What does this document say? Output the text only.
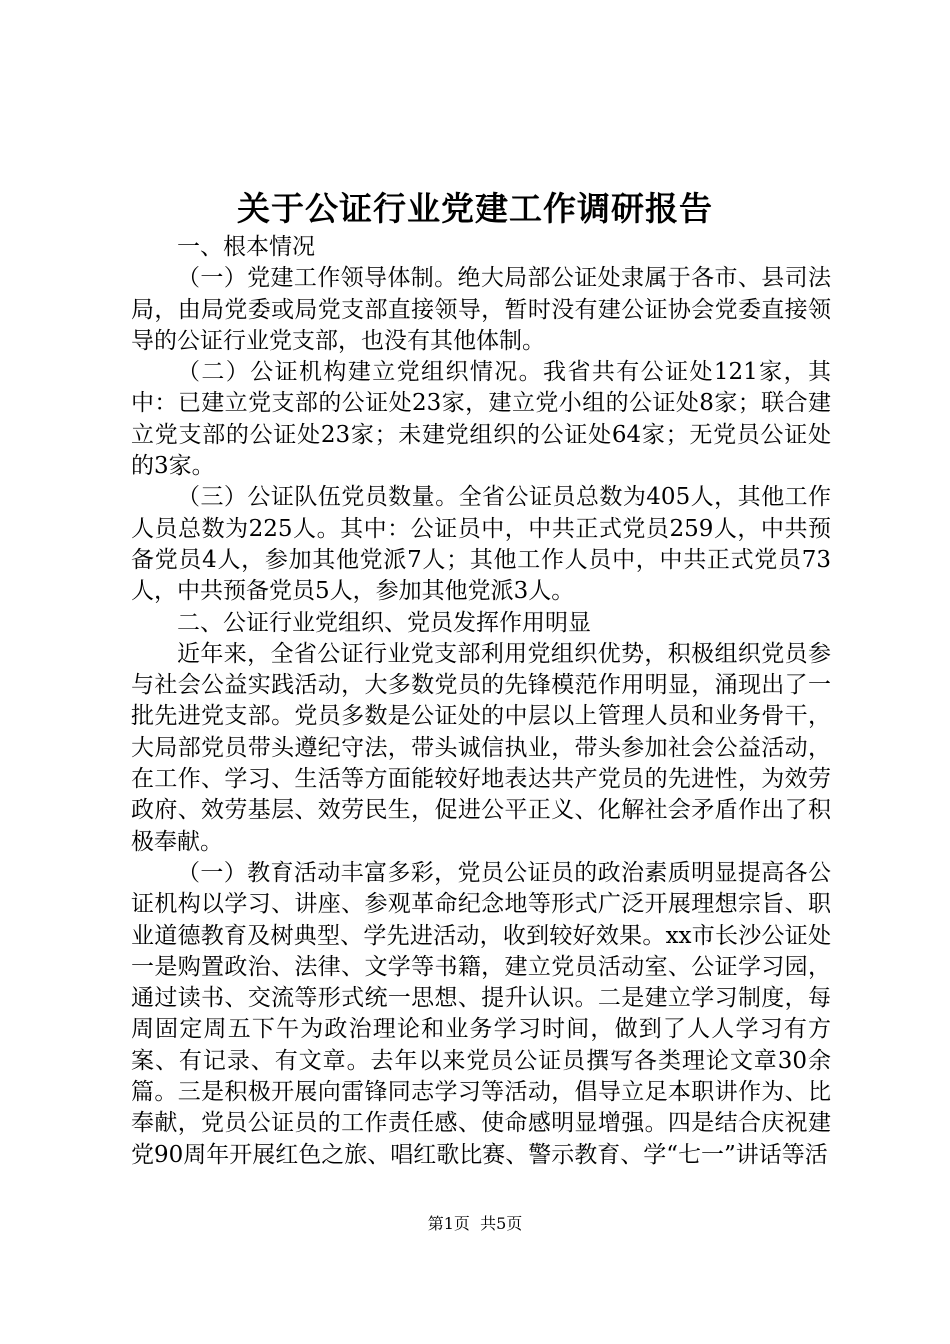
关于公证行业党建工作调研报告

一、根本情况

（一）党建工作领导体制。绝大局部公证处隶属于各市、县司法局，由局党委或局党支部直接领导，暂时没有建公证协会党委直接领导的公证行业党支部，也没有其他体制。

（二）公证机构建立党组织情况。我省共有公证处121家，其中：已建立党支部的公证处23家，建立党小组的公证处8家；联合建立党支部的公证处23家；未建党组织的公证处64家；无党员公证处的3家。

（三）公证队伍党员数量。全省公证员总数为405人，其他工作人员总数为225人。其中：公证员中，中共正式党员259人，中共预备党员4人，参加其他党派7人；其他工作人员中，中共正式党员73人，中共预备党员5人，参加其他党派3人。

二、公证行业党组织、党员发挥作用明显

近年来，全省公证行业党支部利用党组织优势，积极组织党员参与社会公益实践活动，大多数党员的先锋模范作用明显，涌现出了一批先进党支部。党员多数是公证处的中层以上管理人员和业务骨干，大局部党员带头遵纪守法，带头诚信执业，带头参加社会公益活动，在工作、学习、生活等方面能较好地表达共产党员的先进性，为效劳政府、效劳基层、效劳民生，促进公平正义、化解社会矛盾作出了积极奉献。

（一）教育活动丰富多彩，党员公证员的政治素质明显提高各公证机构以学习、讲座、参观革命纪念地等形式广泛开展理想宗旨、职业道德教育及树典型、学先进活动，收到较好效果。xx市长沙公证处一是购置政治、法律、文学等书籍，建立党员活动室、公证学习园，通过读书、交流等形式统一思想、提升认识。二是建立学习制度，每周固定周五下午为政治理论和业务学习时间，做到了人人学习有方案、有记录、有文章。去年以来党员公证员撰写各类理论文章30余篇。三是积极开展向雷锋同志学习等活动，倡导立足本职讲作为、比奉献，党员公证员的工作责任感、使命感明显增强。四是结合庆祝建党90周年开展红色之旅、唱红歌比赛、警示教育、学“七一”讲话等活

第1页 共5页
